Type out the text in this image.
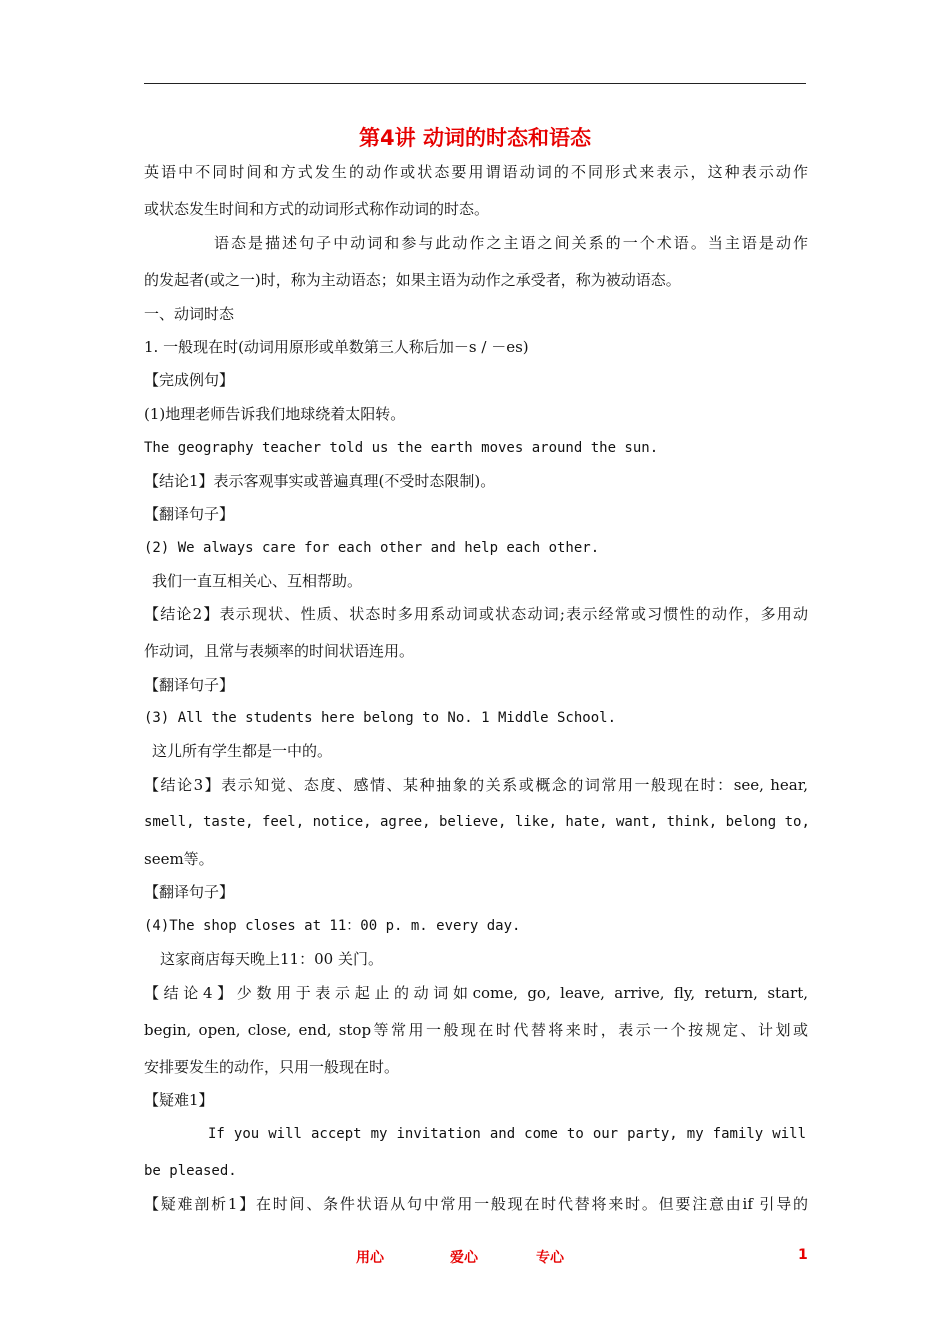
第4讲 动词的时态和语态
英语中不同时间和方式发生的动作或状态要用谓语动词的不同形式来表示，这种表示动作
或状态发生时间和方式的动词形式称作动词的时态。
语态是描述句子中动词和参与此动作之主语之间关系的一个术语。当主语是动作
的发起者(或之一)时，称为主动语态；如果主语为动作之承受者，称为被动语态。
一、动词时态
1. 一般现在时(动词用原形或单数第三人称后加－s / －es)
【完成例句】
(1)地理老师告诉我们地球绕着太阳转。
The geography teacher told us the earth moves around the sun.
【结论1】表示客观事实或普遍真理(不受时态限制)。
【翻译句子】
(2) We always care for each other and help each other.
我们一直互相关心、互相帮助。
【结论2】表示现状、性质、状态时多用系动词或状态动词;表示经常或习惯性的动作，多用动
作动词，且常与表频率的时间状语连用。
【翻译句子】
(3) All the students here belong to No. 1 Middle School.
这儿所有学生都是一中的。
【结论3】表示知觉、态度、感情、某种抽象的关系或概念的词常用一般现在时：see, hear,
smell, taste, feel, notice, agree, believe, like, hate, want, think, belong to,
seem等。
【翻译句子】
(4)The shop closes at 11：00 p. m. every day.
这家商店每天晚上11：00 关门。
【结论4】少数用于表示起止的动词如come, go, leave, arrive, fly, return, start,
begin, open, close, end, stop等常用一般现在时代替将来时，表示一个按规定、计划或
安排要发生的动作，只用一般现在时。
【疑难1】
If you will accept my invitation and come to our party, my family will
be pleased.
【疑难剖析1】在时间、条件状语从句中常用一般现在时代替将来时。但要注意由if 引导的
用心	爱心	专心	1
